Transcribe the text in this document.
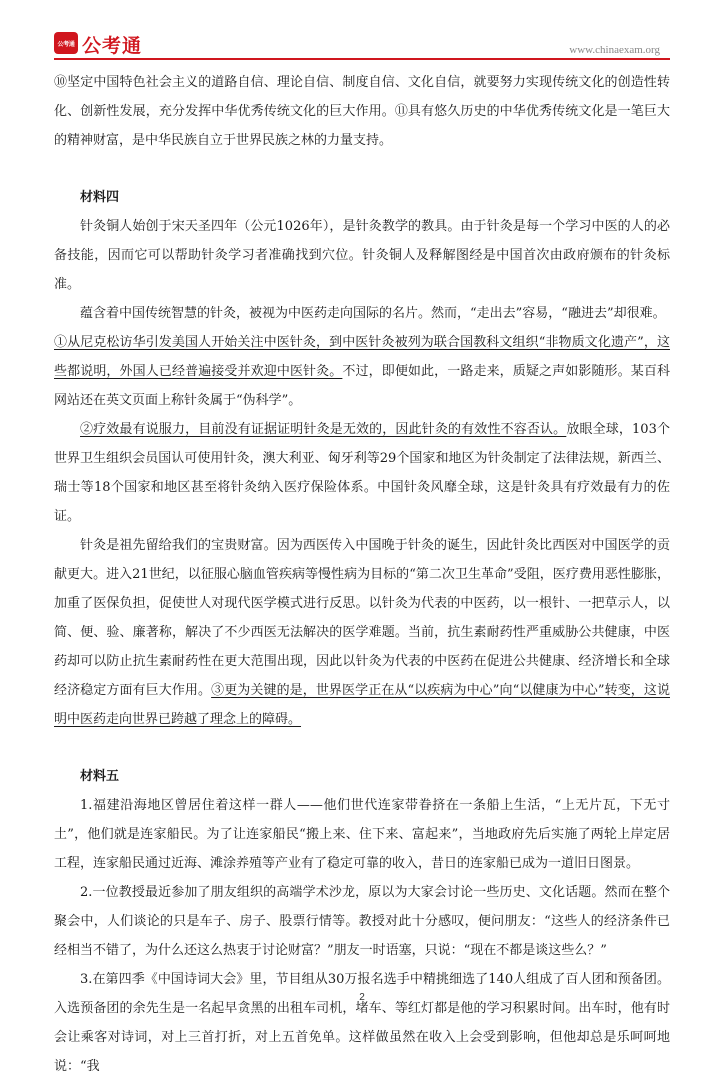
公考通 公考通	www.chinaexam.org

⑩坚定中国特色社会主义的道路自信、理论自信、制度自信、文化自信，就要努力实现传统文化的创造性转化、创新性发展，充分发挥中华优秀传统文化的巨大作用。⑪具有悠久历史的中华优秀传统文化是一笔巨大的精神财富，是中华民族自立于世界民族之林的力量支持。

材料四

针灸铜人始创于宋天圣四年（公元1026年），是针灸教学的教具。由于针灸是每一个学习中医的人的必备技能，因而它可以帮助针灸学习者准确找到穴位。针灸铜人及释解图经是中国首次由政府颁布的针灸标准。

蕴含着中国传统智慧的针灸，被视为中医药走向国际的名片。然而，“走出去”容易，“融进去”却很难。

①从尼克松访华引发美国人开始关注中医针灸，到中医针灸被列为联合国教科文组织“非物质文化遗产”，这些都说明，外国人已经普遍接受并欢迎中医针灸。不过，即便如此，一路走来，质疑之声如影随形。某百科网站还在英文页面上称针灸属于“伪科学”。

②疗效最有说服力，目前没有证据证明针灸是无效的，因此针灸的有效性不容否认。放眼全球，103个世界卫生组织会员国认可使用针灸，澳大利亚、匈牙利等29个国家和地区为针灸制定了法律法规，新西兰、瑞士等18个国家和地区甚至将针灸纳入医疗保险体系。中国针灸风靡全球，这是针灸具有疗效最有力的佐证。

针灸是祖先留给我们的宝贵财富。因为西医传入中国晚于针灸的诞生，因此针灸比西医对中国医学的贡献更大。进入21世纪，以征服心脑血管疾病等慢性病为目标的“第二次卫生革命”受阻，医疗费用恶性膨胀，加重了医保负担，促使世人对现代医学模式进行反思。以针灸为代表的中医药，以一根针、一把草示人，以简、便、验、廉著称，解决了不少西医无法解决的医学难题。当前，抗生素耐药性严重威胁公共健康，中医药却可以防止抗生素耐药性在更大范围出现，因此以针灸为代表的中医药在促进公共健康、经济增长和全球经济稳定方面有巨大作用。③更为关键的是，世界医学正在从“以疾病为中心”向“以健康为中心”转变，这说明中医药走向世界已跨越了理念上的障碍。

材料五

1.福建沿海地区曾居住着这样一群人——他们世代连家带眷挤在一条船上生活，“上无片瓦，下无寸土”，他们就是连家船民。为了让连家船民“搬上来、住下来、富起来”，当地政府先后实施了两轮上岸定居工程，连家船民通过近海、滩涂养殖等产业有了稳定可靠的收入，昔日的连家船已成为一道旧日图景。

2.一位教授最近参加了朋友组织的高端学术沙龙，原以为大家会讨论一些历史、文化话题。然而在整个聚会中，人们谈论的只是车子、房子、股票行情等。教授对此十分感叹，便问朋友：“这些人的经济条件已经相当不错了，为什么还这么热衷于讨论财富？”朋友一时语塞，只说：“现在不都是谈这些么？”

3.在第四季《中国诗词大会》里，节目组从30万报名选手中精挑细选了140人组成了百人团和预备团。入选预备团的余先生是一名起早贪黑的出租车司机，堵车、等红灯都是他的学习积累时间。出车时，他有时会让乘客对诗词，对上三首打折，对上五首免单。这样做虽然在收入上会受到影响，但他却总是乐呵呵地说：“我

2
